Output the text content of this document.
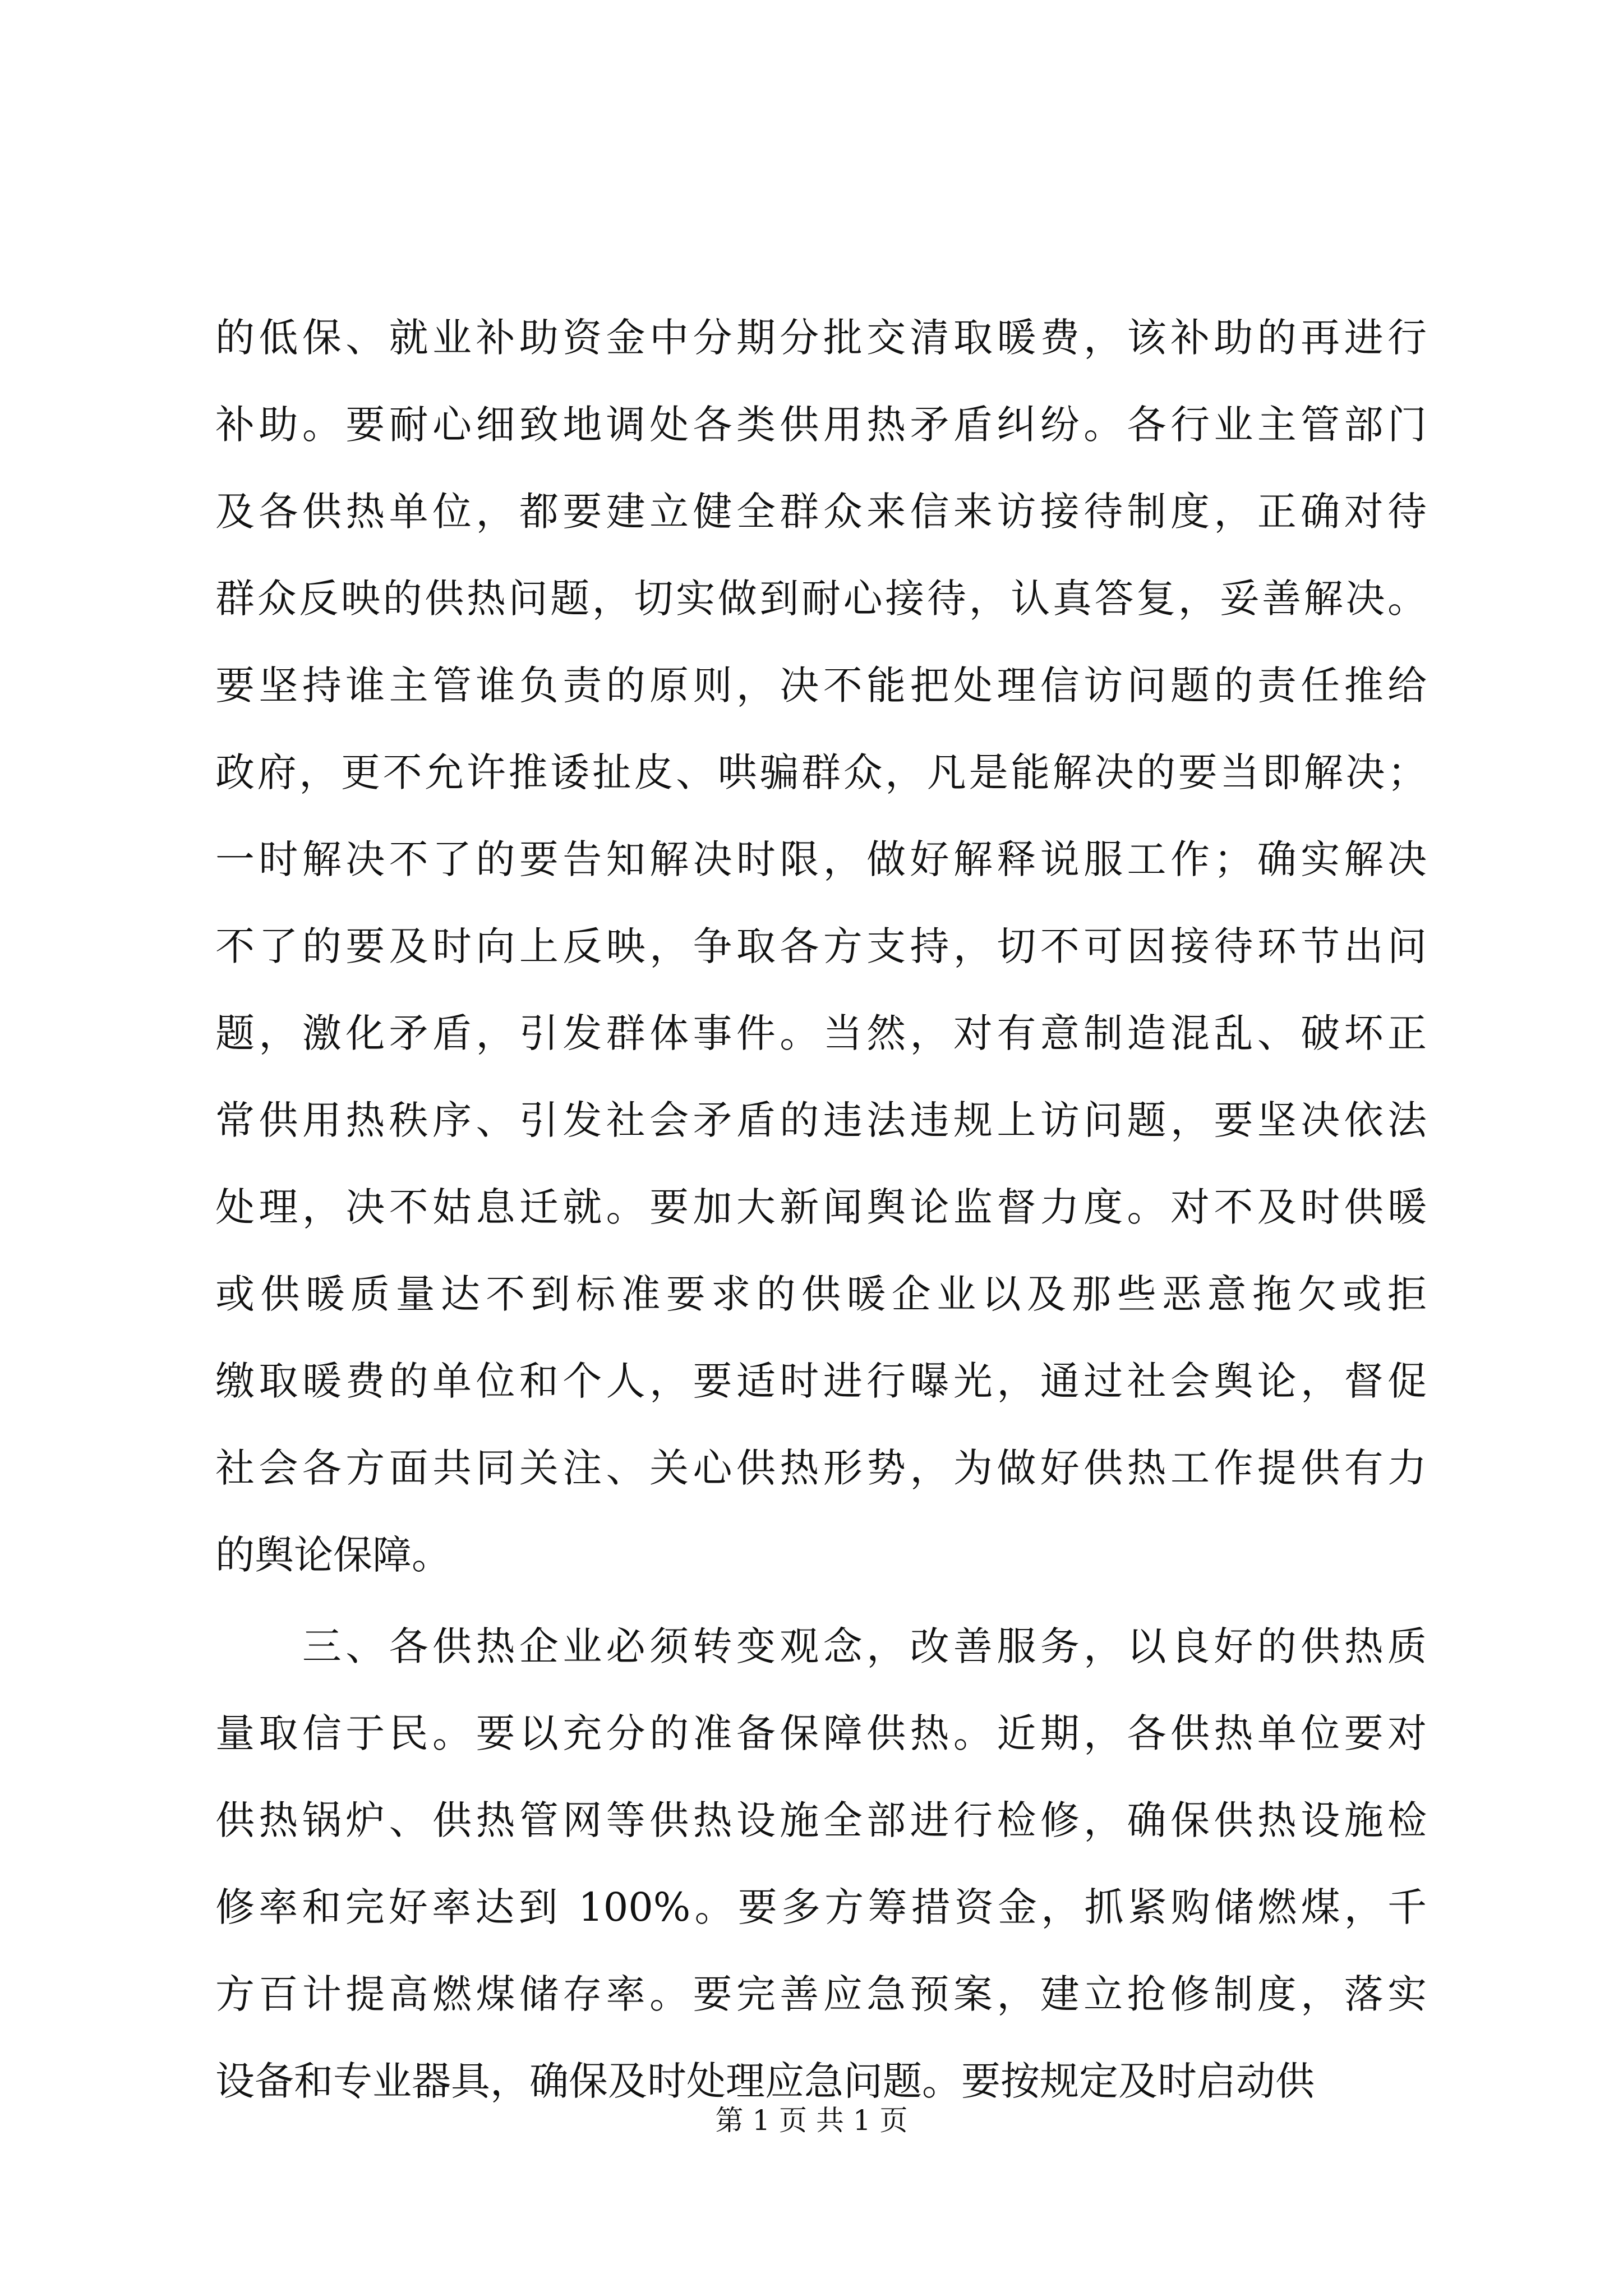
的低保、就业补助资金中分期分批交清取暖费，该补助的再进行
补助。要耐心细致地调处各类供用热矛盾纠纷。各行业主管部门
及各供热单位，都要建立健全群众来信来访接待制度，正确对待
群众反映的供热问题，切实做到耐心接待，认真答复，妥善解决。
要坚持谁主管谁负责的原则，决不能把处理信访问题的责任推给
政府，更不允许推诿扯皮、哄骗群众，凡是能解决的要当即解决；
一时解决不了的要告知解决时限，做好解释说服工作；确实解决
不了的要及时向上反映，争取各方支持，切不可因接待环节出问
题，激化矛盾，引发群体事件。当然，对有意制造混乱、破坏正
常供用热秩序、引发社会矛盾的违法违规上访问题，要坚决依法
处理，决不姑息迁就。要加大新闻舆论监督力度。对不及时供暖
或供暖质量达不到标准要求的供暖企业以及那些恶意拖欠或拒
缴取暖费的单位和个人，要适时进行曝光，通过社会舆论，督促
社会各方面共同关注、关心供热形势，为做好供热工作提供有力
的舆论保障。
　　三、各供热企业必须转变观念，改善服务，以良好的供热质
量取信于民。要以充分的准备保障供热。近期，各供热单位要对
供热锅炉、供热管网等供热设施全部进行检修，确保供热设施检
修率和完好率达到 100%。要多方筹措资金，抓紧购储燃煤，千
方百计提高燃煤储存率。要完善应急预案，建立抢修制度，落实
设备和专业器具，确保及时处理应急问题。要按规定及时启动供
第 1 页 共 1 页
